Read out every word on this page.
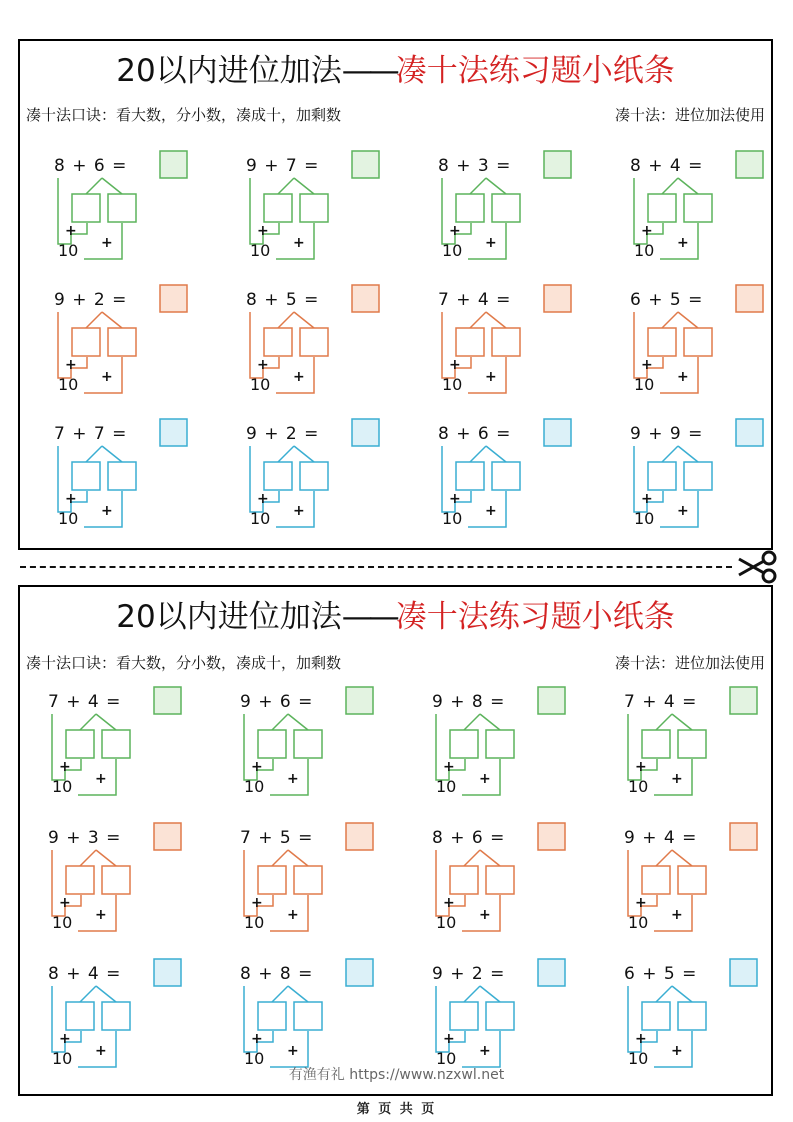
20以内进位加法——凑十法练习题小纸条
凑十法口诀：看大数，分小数，凑成十，加剩数	凑十法：进位加法使用
8 + 6 =
+
10 +
9 + 7 =
+
10 +
8 + 3 =
+
10 +
8 + 4 =
+
10 +
9 + 2 =
+
10 +
8 + 5 =
+
10 +
7 + 4 =
+
10 +
6 + 5 =
+
10 +
7 + 7 =
+
10 +
9 + 2 =
+
10 +
8 + 6 =
+
10 +
9 + 9 =
+
10 +
20以内进位加法——凑十法练习题小纸条
凑十法口诀：看大数，分小数，凑成十，加剩数	凑十法：进位加法使用
7 + 4 =
+
10 +
9 + 6 =
+
10 +
9 + 8 =
+
10 +
7 + 4 =
+
10 +
9 + 3 =
+
10 +
7 + 5 =
+
10 +
8 + 6 =
+
10 +
9 + 4 =
+
10 +
8 + 4 =
+
10 +
8 + 8 =
+
10 +
9 + 2 =
+
10 +
6 + 5 =
+
10 +
有渔有礼 https://www.nzxwl.net
第 页 共 页
